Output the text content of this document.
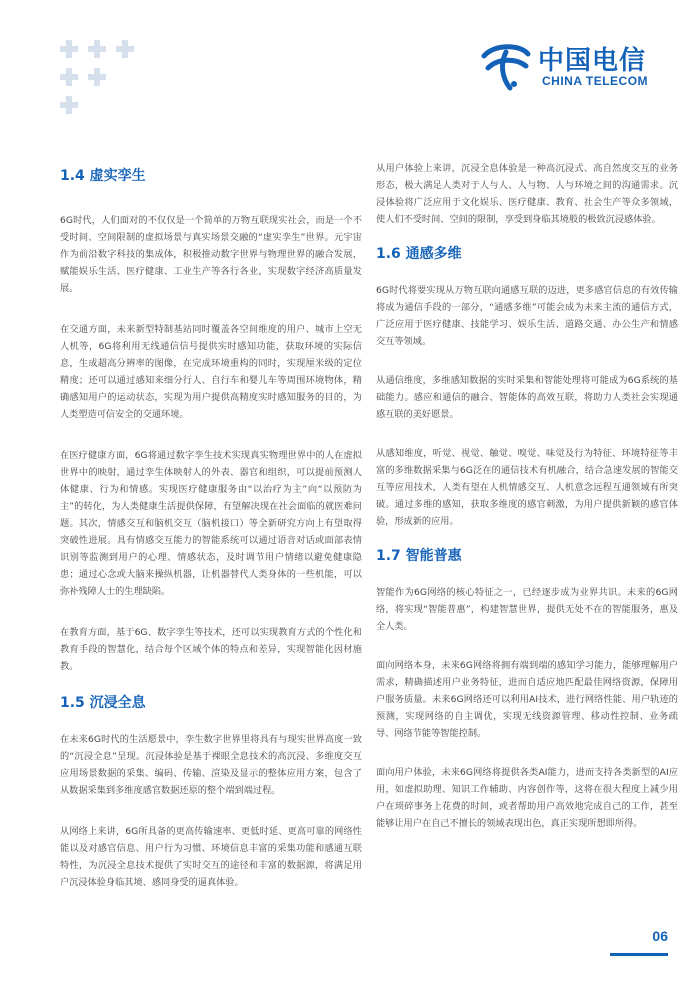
中国电信
CHINA TELECOM
1.4 虚实孪生

6G时代，人们面对的不仅仅是一个简单的万物互联现实社会，而是一个不受时间、空间限制的虚拟场景与真实场景交融的“虚实孪生”世界。元宇宙作为前沿数字科技的集成体，积极推动数字世界与物理世界的融合发展，赋能娱乐生活、医疗健康、工业生产等各行各业，实现数字经济高质量发展。

在交通方面，未来新型特制基站同时覆盖各空间维度的用户、城市上空无人机等，6G将利用无线通信信号提供实时感知功能，获取环境的实际信息，生成超高分辨率的图像，在完成环境重构的同时，实现厘米级的定位精度；还可以通过感知来细分行人、自行车和婴儿车等周围环境物体，精确感知用户的运动状态，实现为用户提供高精度实时感知服务的目的，为人类塑造可信安全的交通环境。

在医疗健康方面，6G将通过数字孪生技术实现真实物理世界中的人在虚拟世界中的映射，通过孪生体映射人的外表、器官和组织，可以提前预测人体健康、行为和情感。实现医疗健康服务由“以治疗为主”向“以预防为主”的转化，为人类健康生活提供保障，有望解决现在社会面临的就医难问题。其次，情感交互和脑机交互（脑机接口）等全新研究方向上有望取得突破性进展。具有情感交互能力的智能系统可以通过语音对话或面部表情识别等监测到用户的心理、情感状态，及时调节用户情绪以避免健康隐患；通过心念或大脑来操纵机器，让机器替代人类身体的一些机能，可以弥补残障人士的生理缺陷。

在教育方面，基于6G、数字孪生等技术，还可以实现教育方式的个性化和教育手段的智慧化，结合每个区域个体的特点和差异，实现智能化因材施教。

1.5 沉浸全息

在未来6G时代的生活愿景中，孪生数字世界里将具有与现实世界高度一致的“沉浸全息”呈现。沉浸体验是基于裸眼全息技术的高沉浸、多维度交互应用场景数据的采集、编码、传输、渲染及显示的整体应用方案，包含了从数据采集到多维度感官数据还原的整个端到端过程。

从网络上来讲，6G所具备的更高传输速率、更低时延、更高可靠的网络性能以及对感官信息、用户行为习惯、环境信息丰富的采集功能和感通互联特性，为沉浸全息技术提供了实时交互的途径和丰富的数据源，将满足用户沉浸体验身临其境、感同身受的逼真体验。

从用户体验上来讲，沉浸全息体验是一种高沉浸式、高自然度交互的业务形态，极大满足人类对于人与人、人与物、人与环境之间的沟通需求。沉浸体验将广泛应用于文化娱乐、医疗健康、教育、社会生产等众多领域，使人们不受时间、空间的限制，享受到身临其境般的极致沉浸感体验。

1.6 通感多维

6G时代将要实现从万物互联向通感互联的迈进，更多感官信息的有效传输将成为通信手段的一部分，“通感多维”可能会成为未来主流的通信方式，广泛应用于医疗健康、技能学习、娱乐生活、道路交通、办公生产和情感交互等领域。

从通信维度，多维感知数据的实时采集和智能处理将可能成为6G系统的基础能力。感应和通信的融合、智能体的高效互联，将助力人类社会实现通感互联的美好愿景。

从感知维度，听觉、视觉、触觉、嗅觉、味觉及行为特征、环境特征等丰富的多维数据采集与6G泛在的通信技术有机融合，结合急速发展的智能交互等应用技术，人类有望在人机情感交互、人机意念远程互通领域有所突破。通过多维的感知，获取多维度的感官刺激，为用户提供新颖的感官体验，形成新的应用。

1.7 智能普惠

智能作为6G网络的核心特征之一，已经逐步成为业界共识。未来的6G网络，将实现“智能普惠”，构建智慧世界，提供无处不在的智能服务，惠及全人类。

面向网络本身，未来6G网络将拥有端到端的感知学习能力，能够理解用户需求，精确描述用户业务特征，进而自适应地匹配最佳网络资源，保障用户服务质量。未来6G网络还可以利用AI技术，进行网络性能、用户轨迹的预测，实现网络的自主调优，实现无线资源管理、移动性控制、业务疏导、网络节能等智能控制。

面向用户体验，未来6G网络将提供各类AI能力，进而支持各类新型的AI应用，如虚拟助理、知识工作辅助、内容创作等，这将在很大程度上减少用户在琐碎事务上花费的时间，或者帮助用户高效地完成自己的工作，甚至能够让用户在自己不擅长的领域表现出色，真正实现所想即所得。

06
